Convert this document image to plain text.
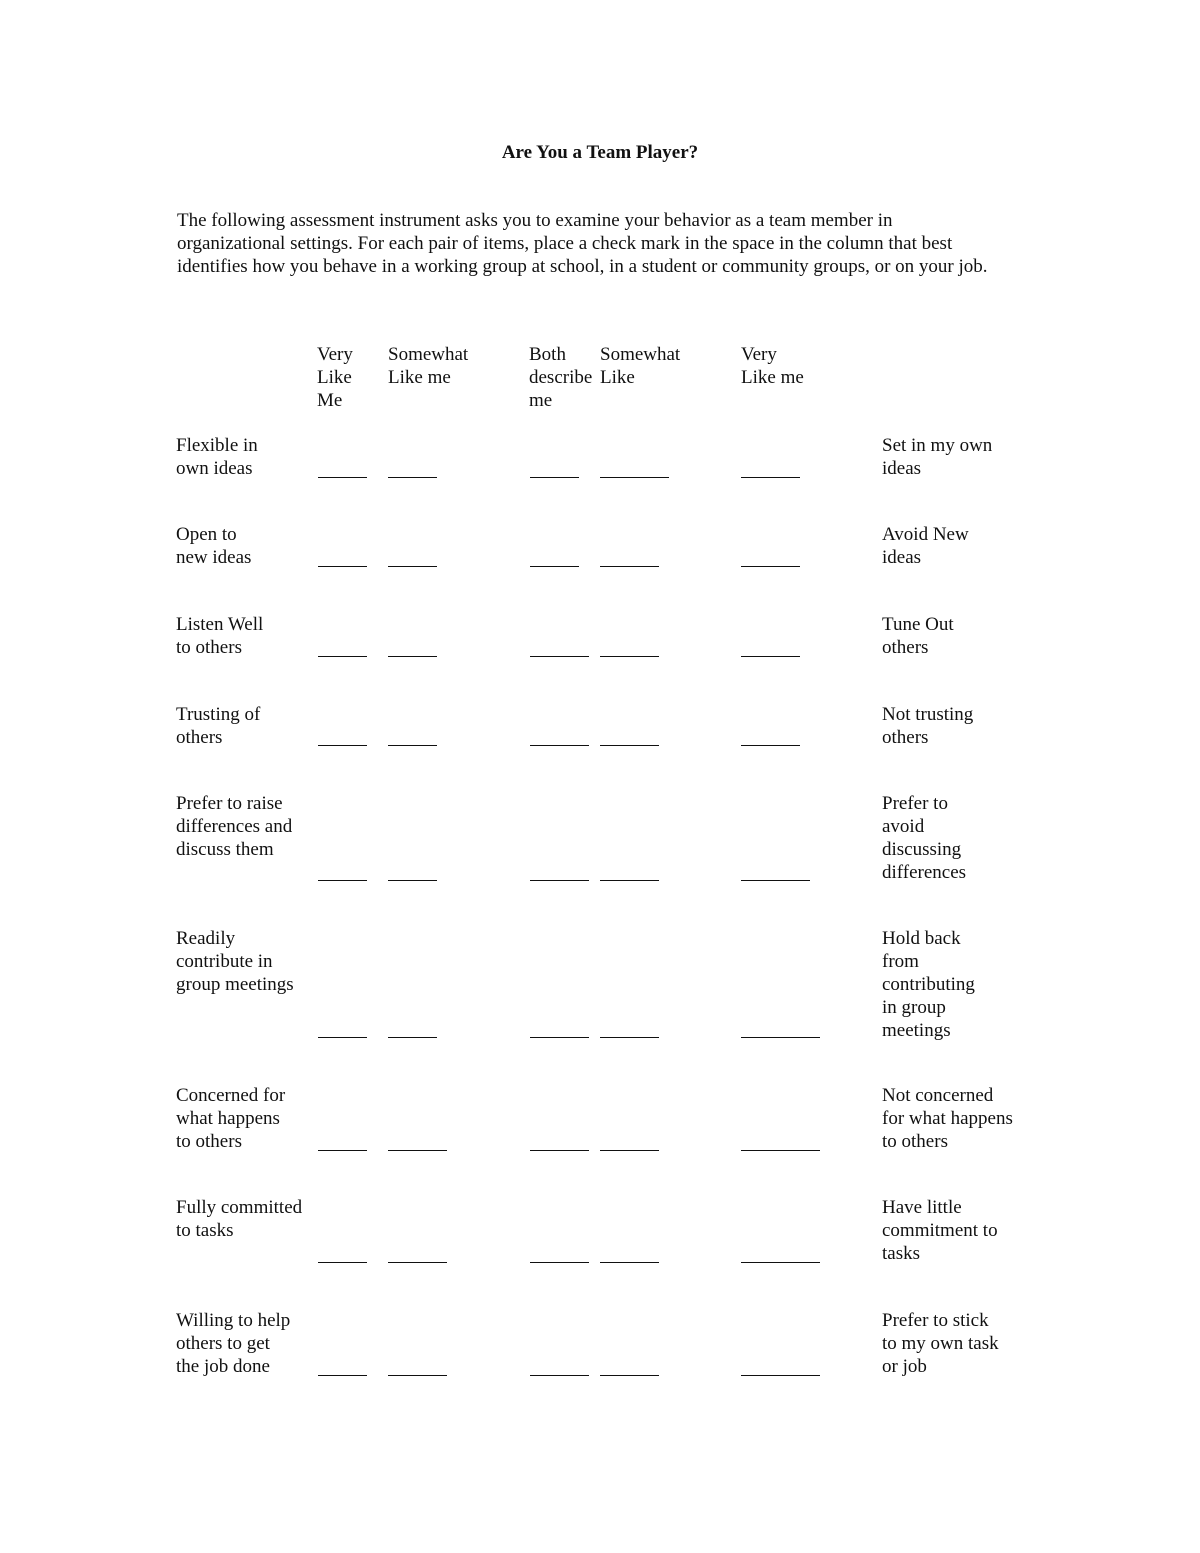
Are You a Team Player?
The following assessment instrument asks you to examine your behavior as a team member in
organizational settings. For each pair of items, place a check mark in the space in the column that best
identifies how you behave in a working group at school, in a student or community groups, or on your job.
Very
Like
Me
Somewhat
Like me
Both
describe
me
Somewhat
Like
Very
Like me
Flexible in
own ideas
Set in my own
ideas
Open to
new ideas
Avoid New
ideas
Listen Well
to others
Tune Out
others
Trusting of
others
Not trusting
others
Prefer to raise
differences and
discuss them
Prefer to
avoid
discussing
differences
Readily
contribute in
group meetings
Hold back
from
contributing
in group
meetings
Concerned for
what happens
to others
Not concerned
for what happens
to others
Fully committed
to tasks
Have little
commitment to
tasks
Willing to help
others to get
the job done
Prefer to stick
to my own task
or job
